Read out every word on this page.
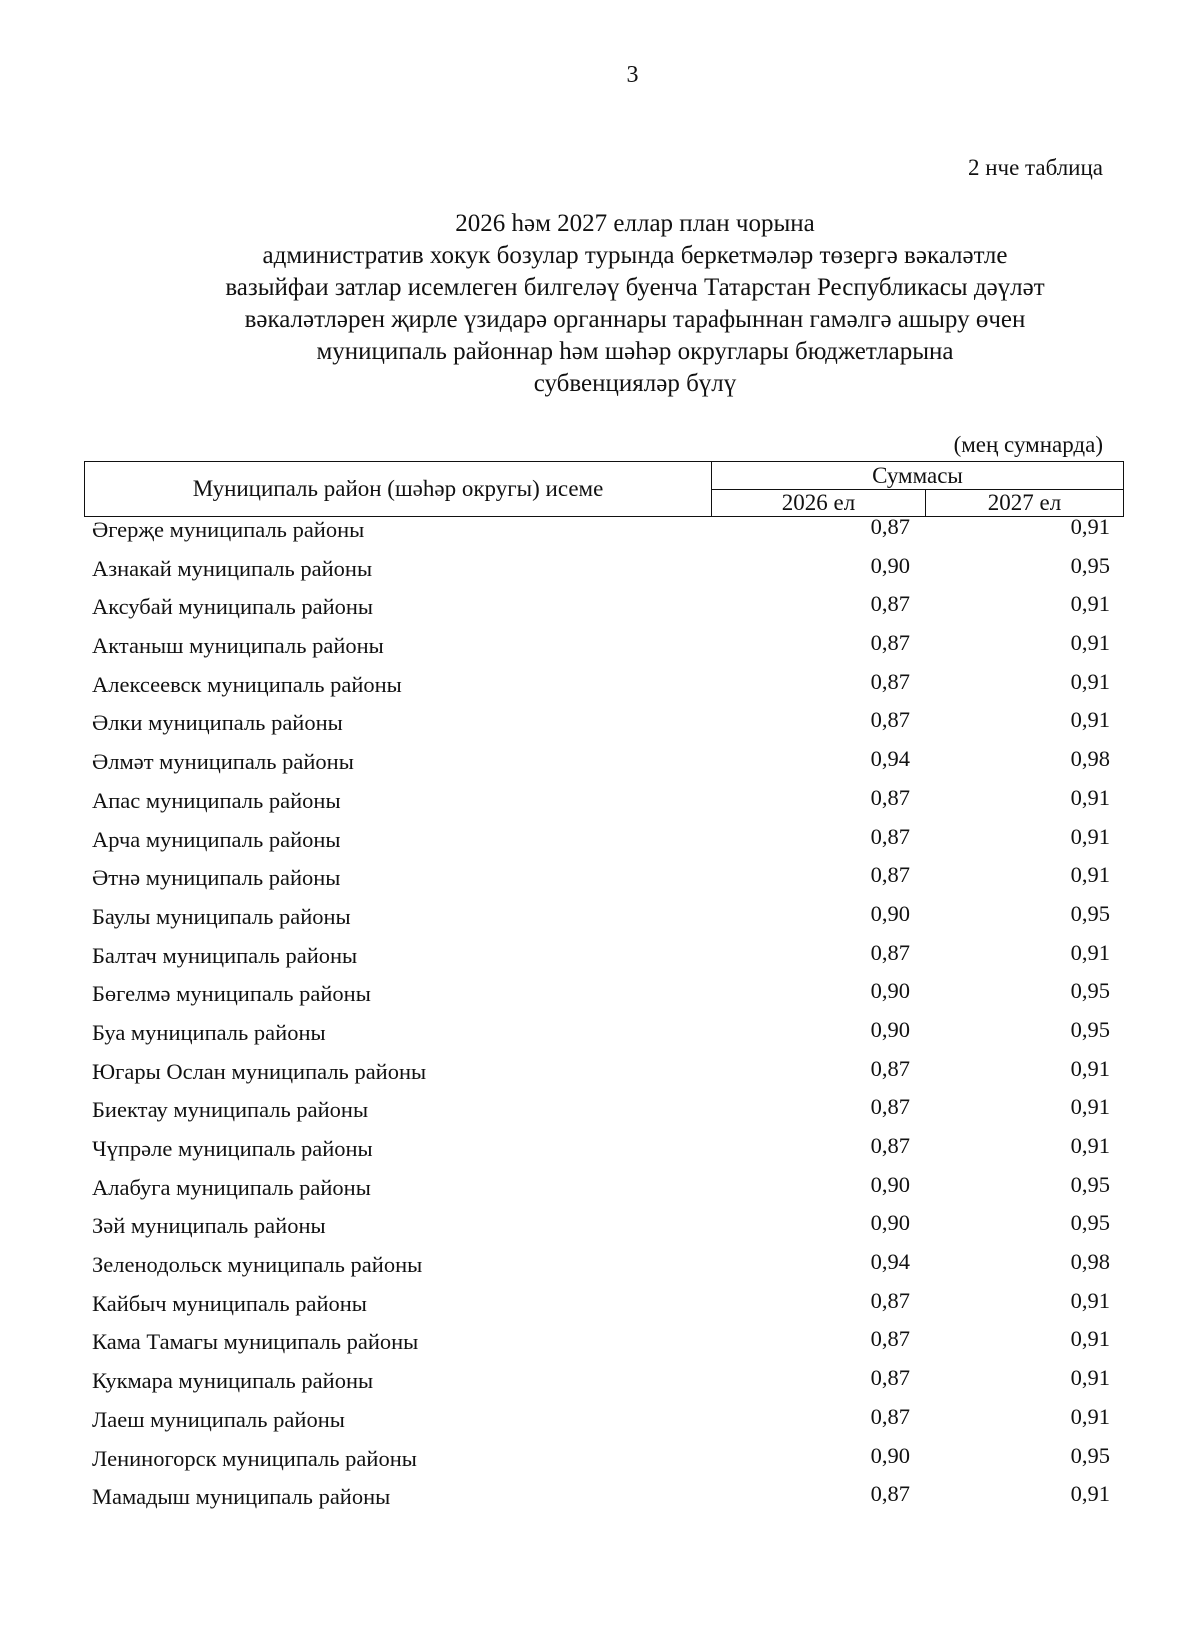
3
2 нче таблица
2026 һәм 2027 еллар план чорына
административ хокук бозулар турында беркетмәләр төзергә вәкаләтле
вазыйфаи затлар исемлеген билгеләү буенча Татарстан Республикасы дәүләт
вәкаләтләрен җирле үзидарә органнары тарафыннан гамәлгә ашыру өчен
муниципаль районнар һәм шәһәр округлары бюджетларына
субвенцияләр бүлү
(мең сумнарда)
Муниципаль район (шәһәр округы) исеме
Суммасы
2026 ел	2027 ел
Әгерҗе муниципаль районы	0,87	0,91
Азнакай муниципаль районы	0,90	0,95
Аксубай муниципаль районы	0,87	0,91
Актаныш муниципаль районы	0,87	0,91
Алексеевск муниципаль районы	0,87	0,91
Әлки муниципаль районы	0,87	0,91
Әлмәт муниципаль районы	0,94	0,98
Апас муниципаль районы	0,87	0,91
Арча муниципаль районы	0,87	0,91
Әтнә муниципаль районы	0,87	0,91
Баулы муниципаль районы	0,90	0,95
Балтач муниципаль районы	0,87	0,91
Бөгелмә муниципаль районы	0,90	0,95
Буа муниципаль районы	0,90	0,95
Югары Ослан муниципаль районы	0,87	0,91
Биектау муниципаль районы	0,87	0,91
Чүпрәле муниципаль районы	0,87	0,91
Алабуга муниципаль районы	0,90	0,95
Зәй муниципаль районы	0,90	0,95
Зеленодольск муниципаль районы	0,94	0,98
Кайбыч муниципаль районы	0,87	0,91
Кама Тамагы муниципаль районы	0,87	0,91
Кукмара муниципаль районы	0,87	0,91
Лаеш муниципаль районы	0,87	0,91
Лениногорск муниципаль районы	0,90	0,95
Мамадыш муниципаль районы	0,87	0,91
